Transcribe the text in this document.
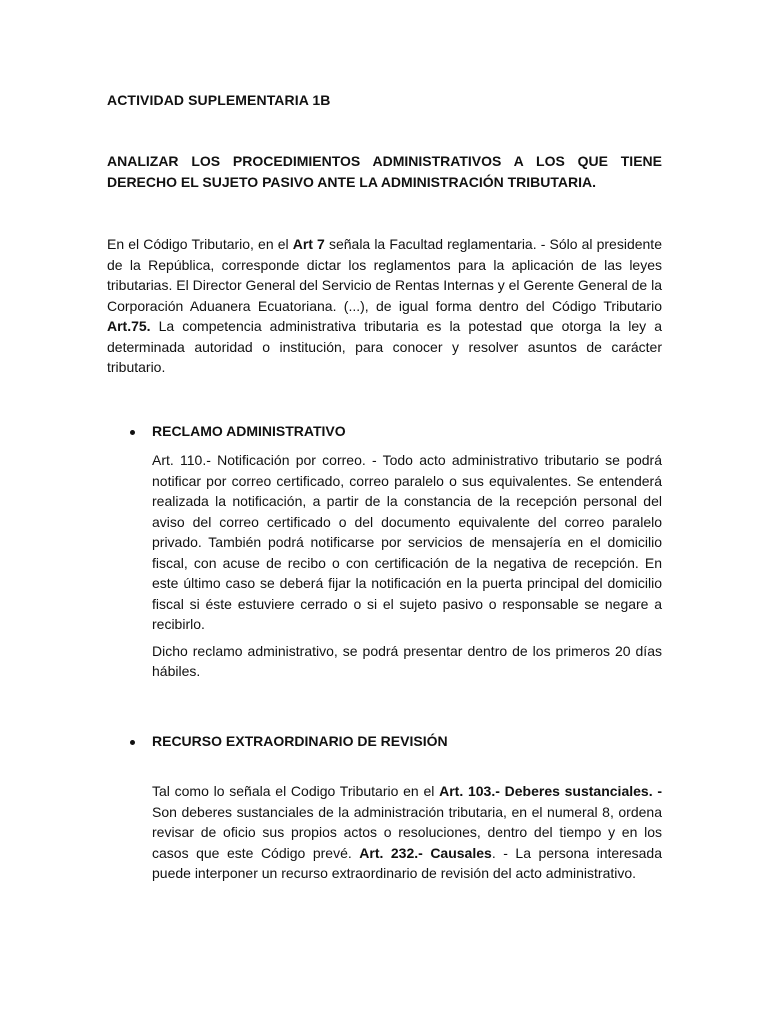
ACTIVIDAD SUPLEMENTARIA 1B
ANALIZAR LOS PROCEDIMIENTOS ADMINISTRATIVOS A LOS QUE TIENE DERECHO EL SUJETO PASIVO ANTE LA ADMINISTRACIÓN TRIBUTARIA.

En el Código Tributario, en el Art 7 señala la Facultad reglamentaria. - Sólo al presidente de la República, corresponde dictar los reglamentos para la aplicación de las leyes tributarias. El Director General del Servicio de Rentas Internas y el Gerente General de la Corporación Aduanera Ecuatoriana. (...), de igual forma dentro del Código Tributario Art.75. La competencia administrativa tributaria es la potestad que otorga la ley a determinada autoridad o institución, para conocer y resolver asuntos de carácter tributario.

RECLAMO ADMINISTRATIVO

Art. 110.- Notificación por correo. - Todo acto administrativo tributario se podrá notificar por correo certificado, correo paralelo o sus equivalentes. Se entenderá realizada la notificación, a partir de la constancia de la recepción personal del aviso del correo certificado o del documento equivalente del correo paralelo privado. También podrá notificarse por servicios de mensajería en el domicilio fiscal, con acuse de recibo o con certificación de la negativa de recepción. En este último caso se deberá fijar la notificación en la puerta principal del domicilio fiscal si éste estuviere cerrado o si el sujeto pasivo o responsable se negare a recibirlo.

Dicho reclamo administrativo, se podrá presentar dentro de los primeros 20 días hábiles.

RECURSO EXTRAORDINARIO DE REVISIÓN

Tal como lo señala el Codigo Tributario en el Art. 103.- Deberes sustanciales. - Son deberes sustanciales de la administración tributaria, en el numeral 8, ordena revisar de oficio sus propios actos o resoluciones, dentro del tiempo y en los casos que este Código prevé. Art. 232.- Causales. - La persona interesada puede interponer un recurso extraordinario de revisión del acto administrativo.
